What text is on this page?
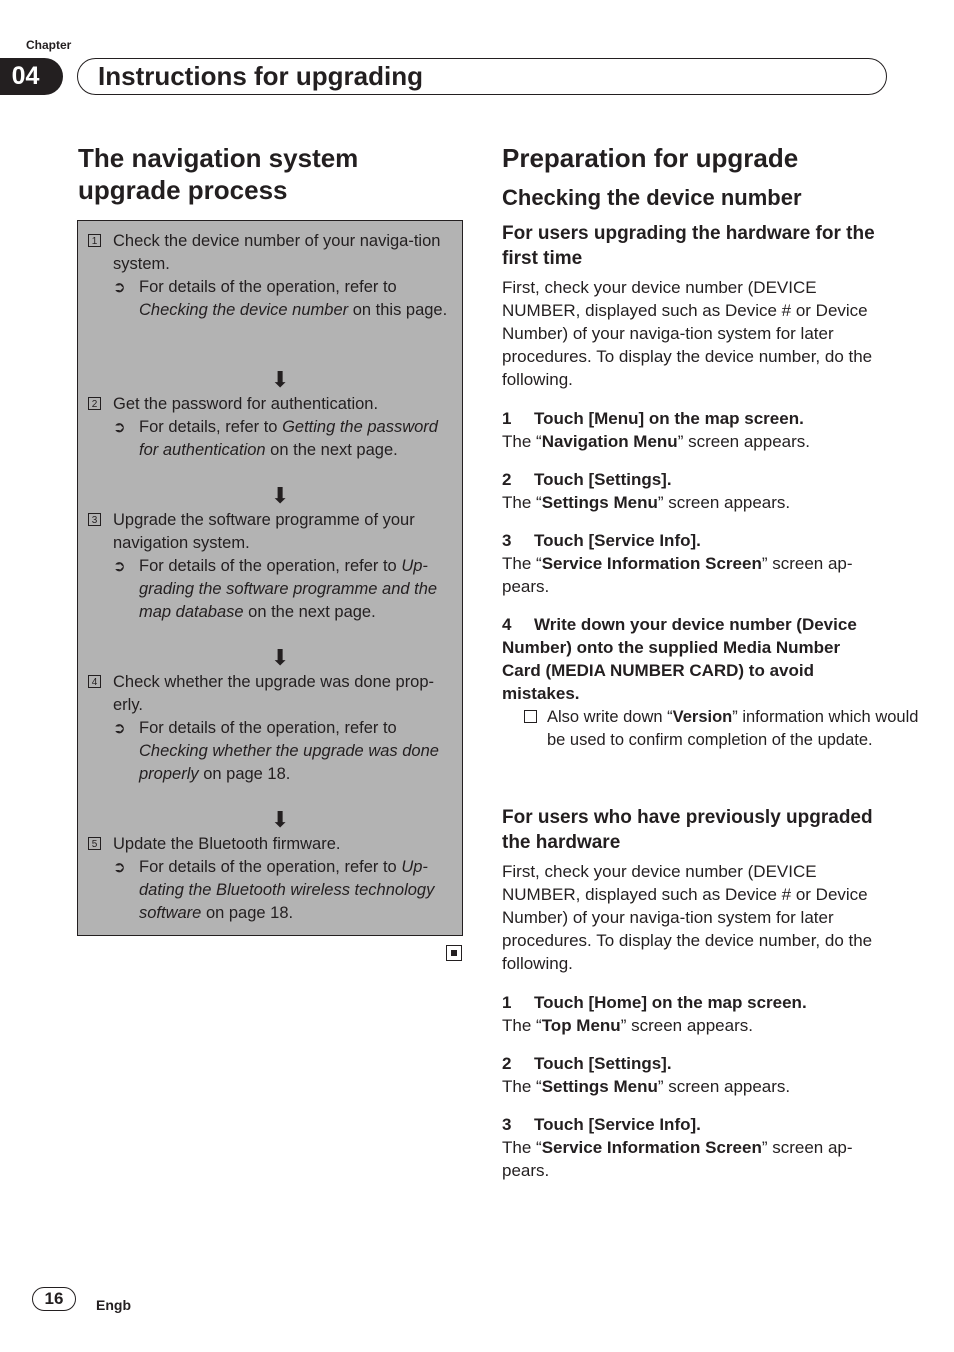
Chapter
04	Instructions for upgrading
The navigation system upgrade process
1 Check the device number of your naviga-tion system.
➲ For details of the operation, refer to Checking the device number on this page.
⬇
2 Get the password for authentication.
➲ For details, refer to Getting the password for authentication on the next page.
⬇
3 Upgrade the software programme of your navigation system.
➲ For details of the operation, refer to Up-grading the software programme and the map database on the next page.
⬇
4 Check whether the upgrade was done prop-erly.
➲ For details of the operation, refer to Checking whether the upgrade was done properly on page 18.
⬇
5 Update the Bluetooth firmware.
➲ For details of the operation, refer to Up-dating the Bluetooth wireless technology software on page 18.
Preparation for upgrade
Checking the device number
For users upgrading the hardware for the first time
First, check your device number (DEVICE NUMBER, displayed such as Device # or Device Number) of your naviga-tion system for later procedures. To display the device number, do the following.
1 Touch [Menu] on the map screen.
The “Navigation Menu” screen appears.
2 Touch [Settings].
The “Settings Menu” screen appears.
3 Touch [Service Info].
The “Service Information Screen” screen ap-pears.
4 Write down your device number (Device Number) onto the supplied Media Number Card (MEDIA NUMBER CARD) to avoid mistakes.
Also write down “Version” information which would be used to confirm completion of the update.
For users who have previously upgraded the hardware
First, check your device number (DEVICE NUMBER, displayed such as Device # or Device Number) of your naviga-tion system for later procedures. To display the device number, do the following.
1 Touch [Home] on the map screen.
The “Top Menu” screen appears.
2 Touch [Settings].
The “Settings Menu” screen appears.
3 Touch [Service Info].
The “Service Information Screen” screen ap-pears.
16	Engb
